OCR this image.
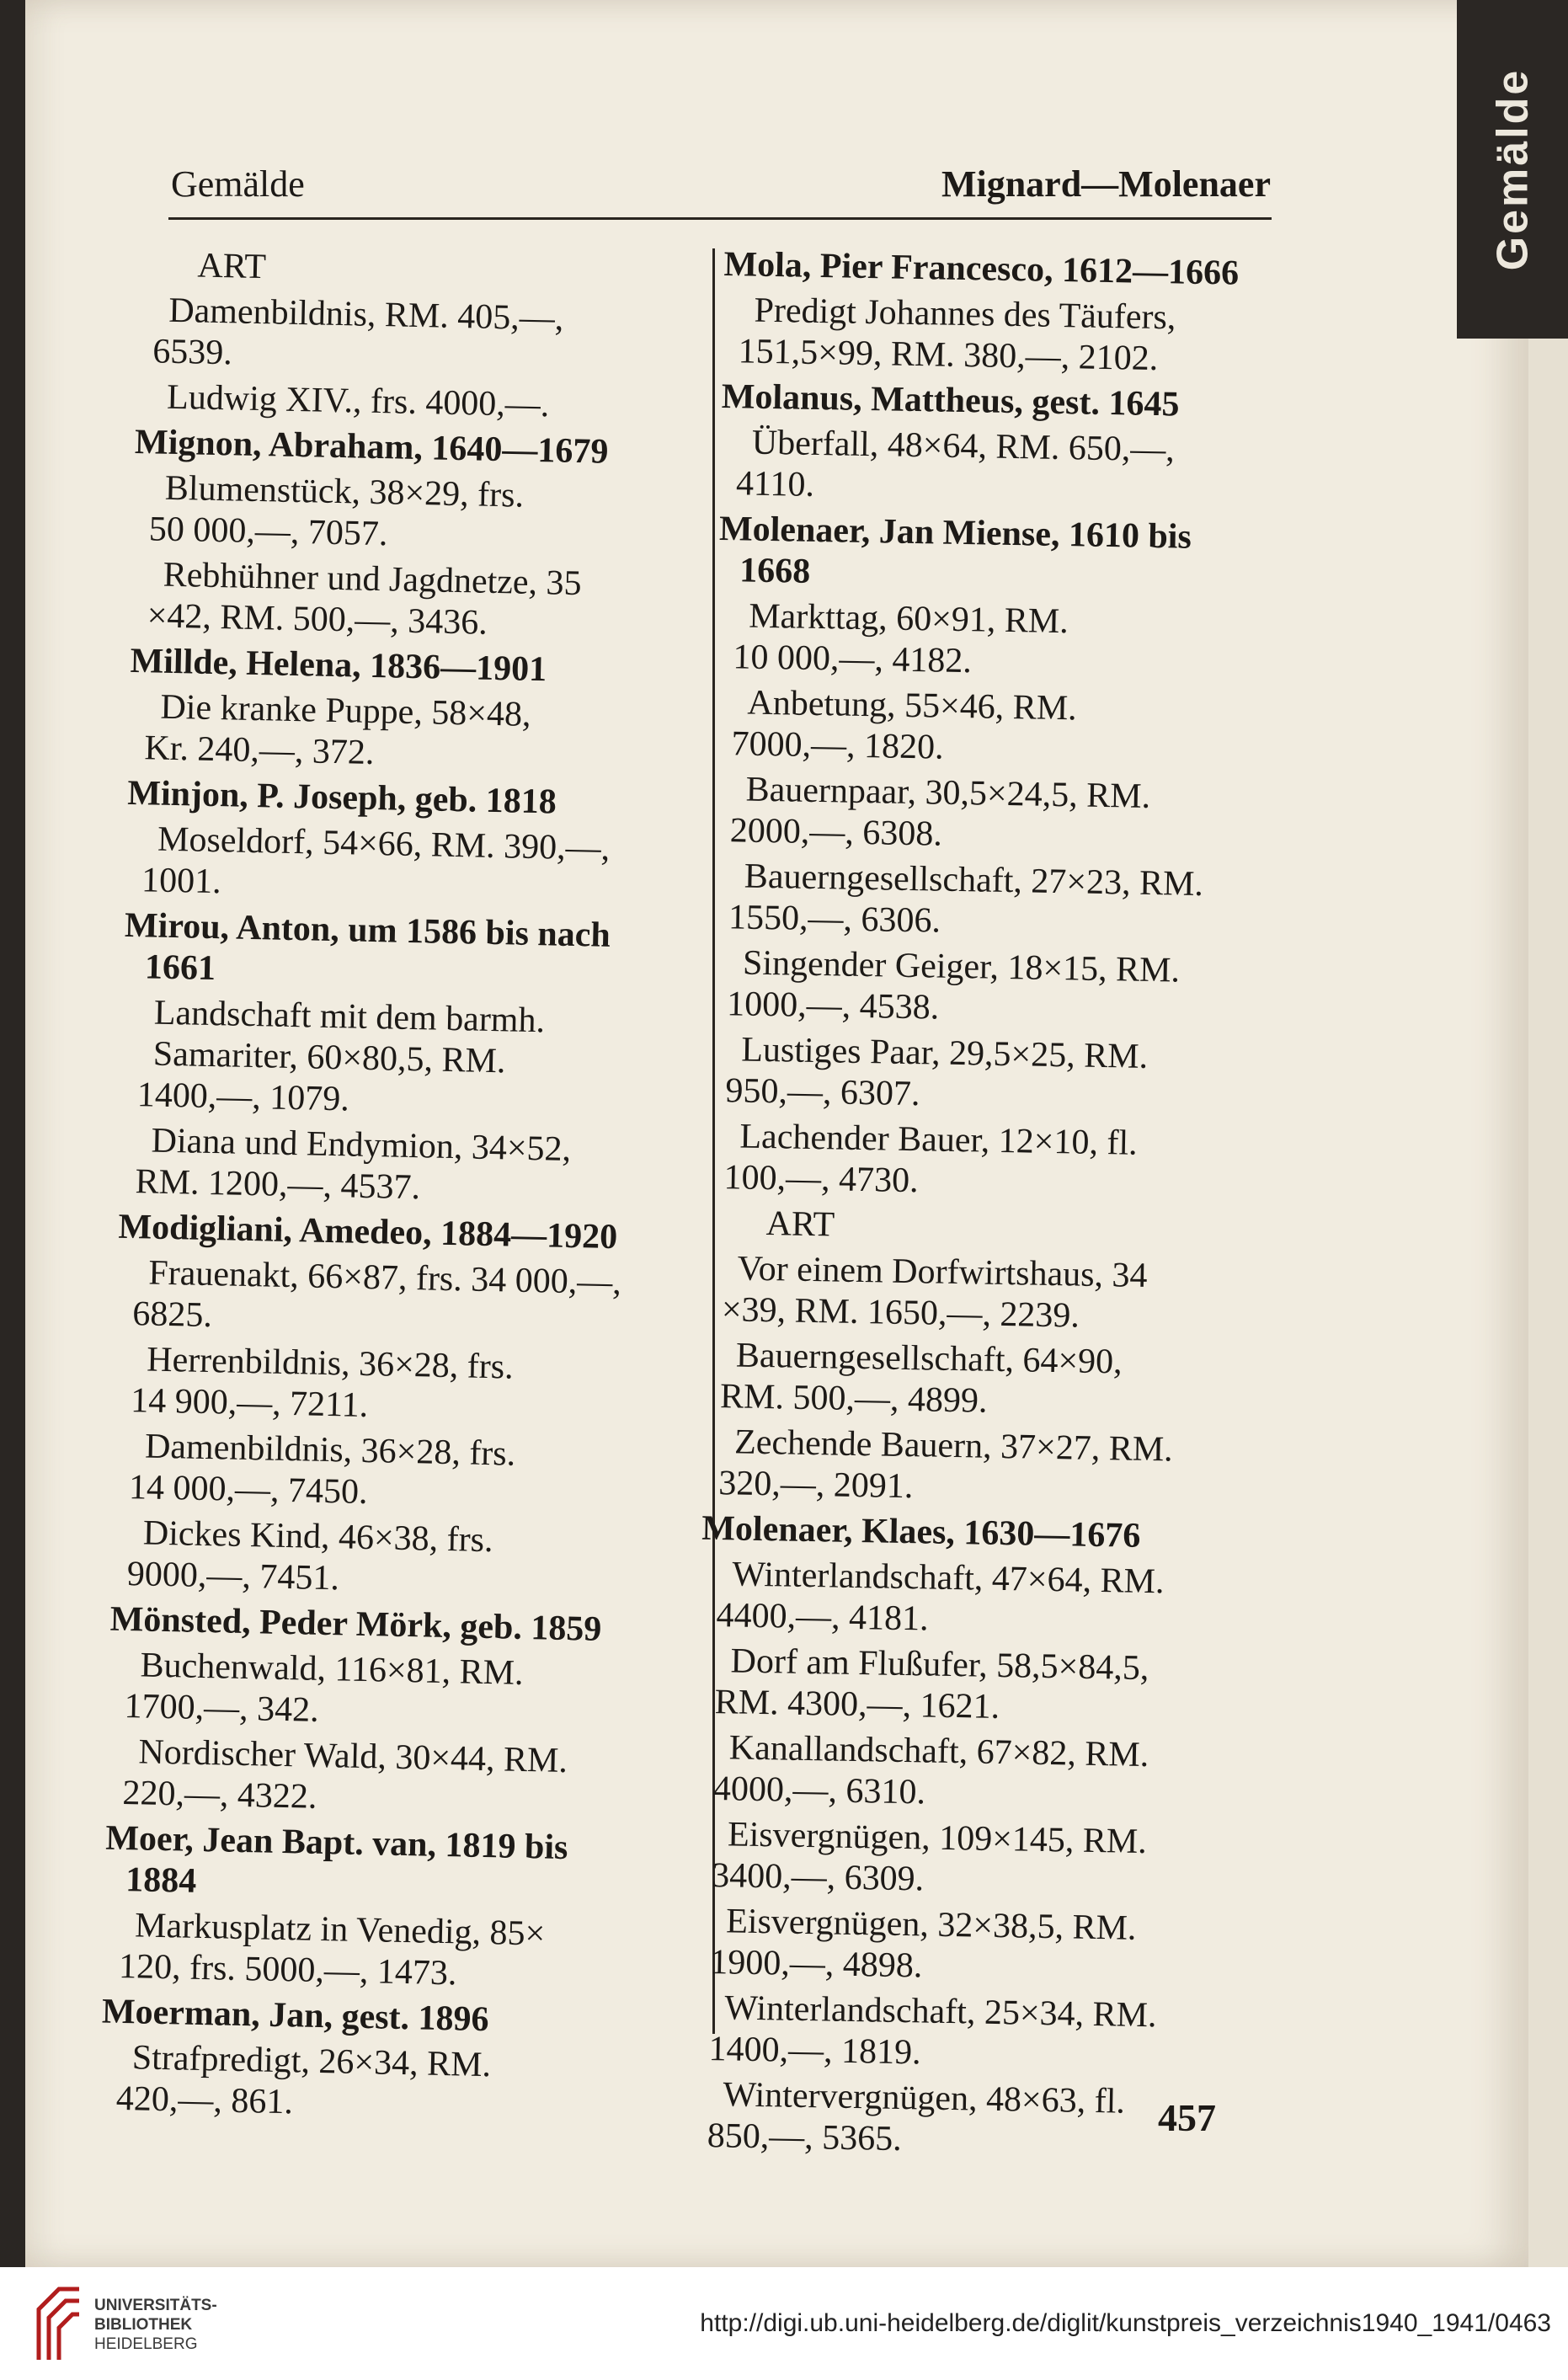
Gemälde
Gemälde	Mignard—Molenaer
ART
Damenbildnis, RM. 405,—,
6539.
Ludwig XIV., frs. 4000,—.
Mignon, Abraham, 1640—1679
Blumenstück, 38×29, frs.
50 000,—, 7057.
Rebhühner und Jagdnetze, 35
×42, RM. 500,—, 3436.
Millde, Helena, 1836—1901
Die kranke Puppe, 58×48,
Kr. 240,—, 372.
Minjon, P. Joseph, geb. 1818
Moseldorf, 54×66, RM. 390,—,
1001.
Mirou, Anton, um 1586 bis nach
1661
Landschaft mit dem barmh.
Samariter, 60×80,5, RM.
1400,—, 1079.
Diana und Endymion, 34×52,
RM. 1200,—, 4537.
Modigliani, Amedeo, 1884—1920
Frauenakt, 66×87, frs. 34 000,—,
6825.
Herrenbildnis, 36×28, frs.
14 900,—, 7211.
Damenbildnis, 36×28, frs.
14 000,—, 7450.
Dickes Kind, 46×38, frs.
9000,—, 7451.
Mönsted, Peder Mörk, geb. 1859
Buchenwald, 116×81, RM.
1700,—, 342.
Nordischer Wald, 30×44, RM.
220,—, 4322.
Moer, Jean Bapt. van, 1819 bis
1884
Markusplatz in Venedig, 85×
120, frs. 5000,—, 1473.
Moerman, Jan, gest. 1896
Strafpredigt, 26×34, RM.
420,—, 861.
Mola, Pier Francesco, 1612—1666
Predigt Johannes des Täufers,
151,5×99, RM. 380,—, 2102.
Molanus, Mattheus, gest. 1645
Überfall, 48×64, RM. 650,—,
4110.
Molenaer, Jan Miense, 1610 bis
1668
Markttag, 60×91, RM.
10 000,—, 4182.
Anbetung, 55×46, RM.
7000,—, 1820.
Bauernpaar, 30,5×24,5, RM.
2000,—, 6308.
Bauerngesellschaft, 27×23, RM.
1550,—, 6306.
Singender Geiger, 18×15, RM.
1000,—, 4538.
Lustiges Paar, 29,5×25, RM.
950,—, 6307.
Lachender Bauer, 12×10, fl.
100,—, 4730.
ART
Vor einem Dorfwirtshaus, 34
×39, RM. 1650,—, 2239.
Bauerngesellschaft, 64×90,
RM. 500,—, 4899.
Zechende Bauern, 37×27, RM.
320,—, 2091.
Molenaer, Klaes, 1630—1676
Winterlandschaft, 47×64, RM.
4400,—, 4181.
Dorf am Flußufer, 58,5×84,5,
RM. 4300,—, 1621.
Kanallandschaft, 67×82, RM.
4000,—, 6310.
Eisvergnügen, 109×145, RM.
3400,—, 6309.
Eisvergnügen, 32×38,5, RM.
1900,—, 4898.
Winterlandschaft, 25×34, RM.
1400,—, 1819.
Wintervergnügen, 48×63, fl.
850,—, 5365.	457
UNIVERSITÄTS-
BIBLIOTHEK
HEIDELBERG
http://digi.ub.uni-heidelberg.de/diglit/kunstpreis_verzeichnis1940_1941/0463
